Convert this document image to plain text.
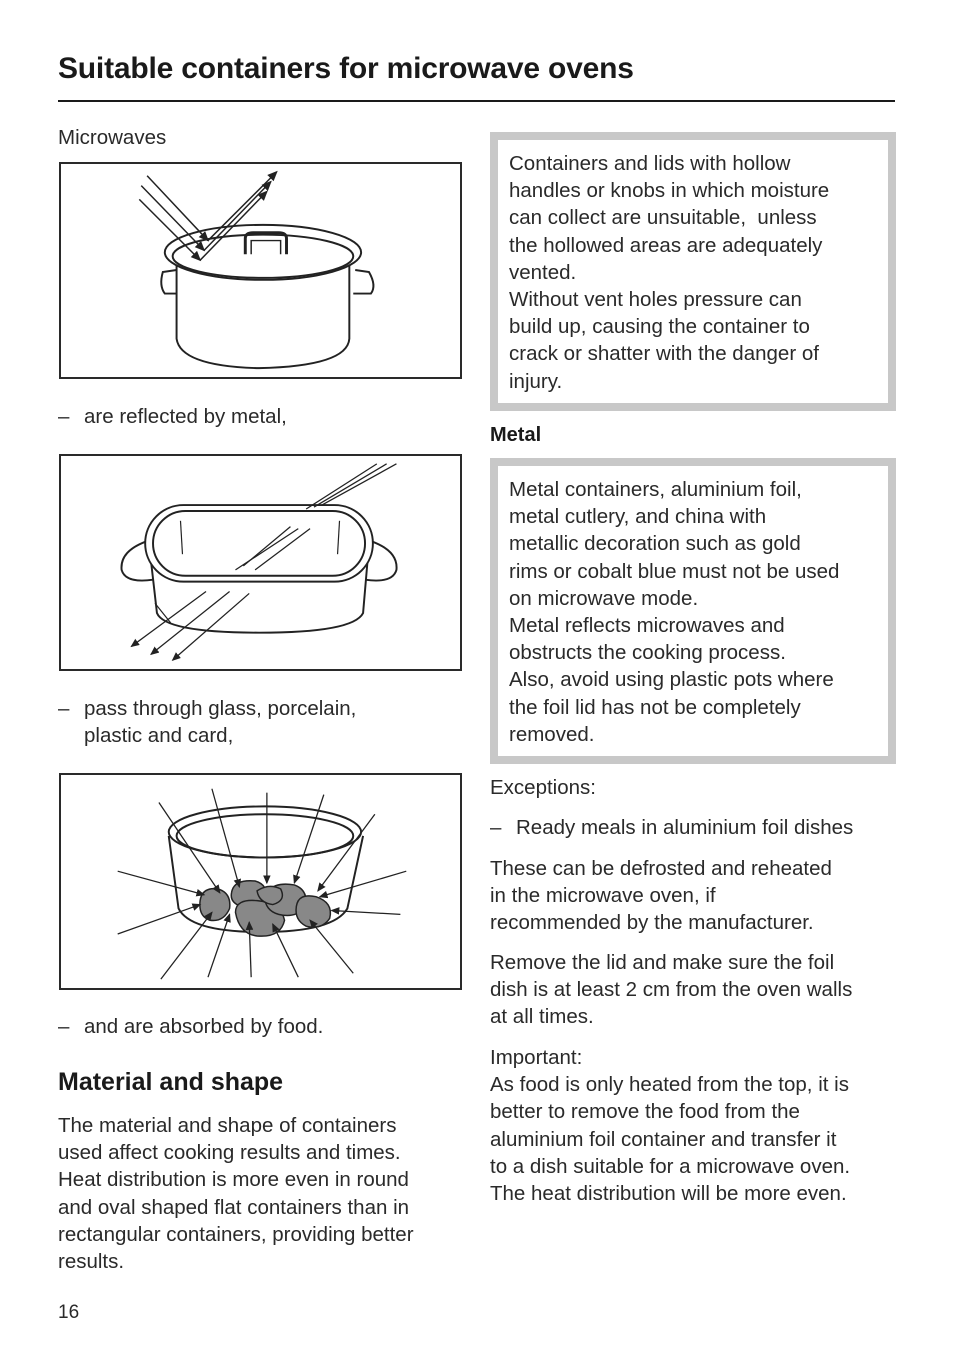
Suitable containers for microwave ovens
Microwaves
– are reflected by metal,
– pass through glass, porcelain,
plastic and card,
– and are absorbed by food.
Material and shape
The material and shape of containers
used affect cooking results and times.
Heat distribution is more even in round
and oval shaped flat containers than in
rectangular containers, providing better
results.

Containers and lids with hollow

handles or knobs in which moisture

can collect are unsuitable,  unless

the hollowed areas are adequately

vented.

Without vent holes pressure can

build up, causing the container to

crack or shatter with the danger of

injury.

Metal

Metal containers, aluminium foil,

metal cutlery, and china with

metallic decoration such as gold

rims or cobalt blue must not be used

on microwave mode.

Metal reflects microwaves and

obstructs the cooking process.

Also, avoid using plastic pots where

the foil lid has not be completely

removed.

Exceptions:
– Ready meals in aluminium foil dishes
These can be defrosted and reheated
in the microwave oven, if
recommended by the manufacturer.
Remove the lid and make sure the foil
dish is at least 2 cm from the oven walls
at all times.
Important:
As food is only heated from the top, it is
better to remove the food from the
aluminium foil container and transfer it
to a dish suitable for a microwave oven.
The heat distribution will be more even.
16
